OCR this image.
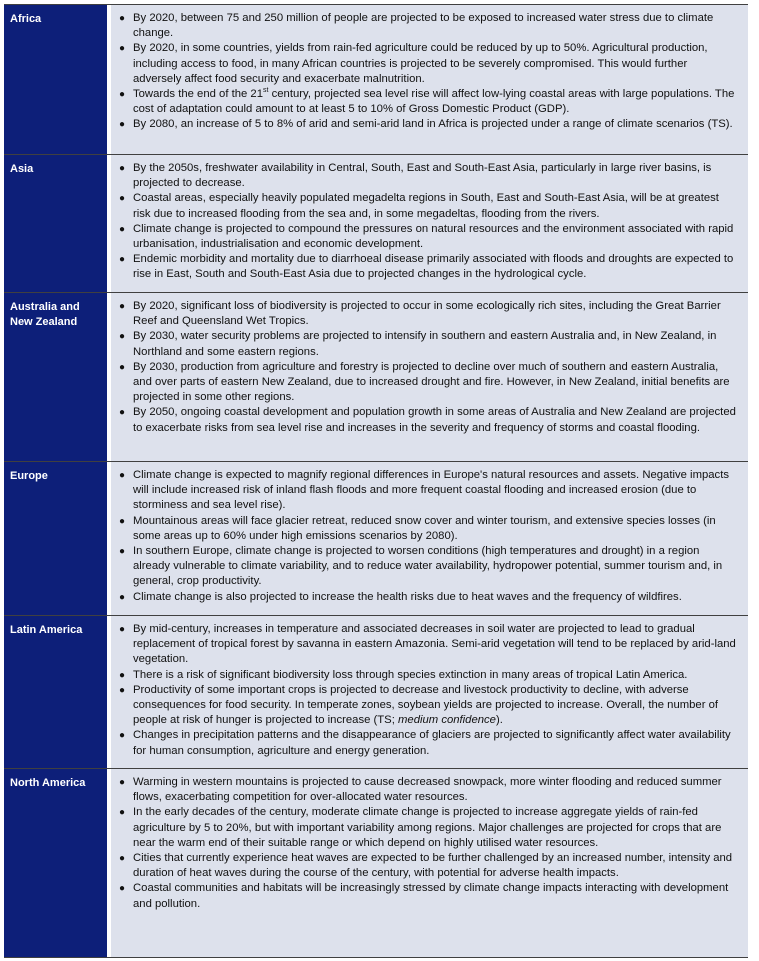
Africa	● By 2020, between 75 and 250 million of people are projected to be exposed to increased water stress due to climate change.
● By 2020, in some countries, yields from rain-fed agriculture could be reduced by up to 50%. Agricultural production, including access to food, in many African countries is projected to be severely compromised. This would further adversely affect food security and exacerbate malnutrition.
● Towards the end of the 21st century, projected sea level rise will affect low-lying coastal areas with large populations. The cost of adaptation could amount to at least 5 to 10% of Gross Domestic Product (GDP).
● By 2080, an increase of 5 to 8% of arid and semi-arid land in Africa is projected under a range of climate scenarios (TS).
Asia	● By the 2050s, freshwater availability in Central, South, East and South-East Asia, particularly in large river basins, is projected to decrease.
● Coastal areas, especially heavily populated megadelta regions in South, East and South-East Asia, will be at greatest risk due to increased flooding from the sea and, in some megadeltas, flooding from the rivers.
● Climate change is projected to compound the pressures on natural resources and the environment associated with rapid urbanisation, industrialisation and economic development.
● Endemic morbidity and mortality due to diarrhoeal disease primarily associated with floods and droughts are expected to rise in East, South and South-East Asia due to projected changes in the hydrological cycle.
Australia and New Zealand
● By 2020, significant loss of biodiversity is projected to occur in some ecologically rich sites, including the Great Barrier Reef and Queensland Wet Tropics.
● By 2030, water security problems are projected to intensify in southern and eastern Australia and, in New Zealand, in Northland and some eastern regions.
● By 2030, production from agriculture and forestry is projected to decline over much of southern and eastern Australia, and over parts of eastern New Zealand, due to increased drought and fire. However, in New Zealand, initial benefits are projected in some other regions.
● By 2050, ongoing coastal development and population growth in some areas of Australia and New Zealand are projected to exacerbate risks from sea level rise and increases in the severity and frequency of storms and coastal flooding.
Europe	● Climate change is expected to magnify regional differences in Europe's natural resources and assets. Negative impacts will include increased risk of inland flash floods and more frequent coastal flooding and increased erosion (due to storminess and sea level rise).
● Mountainous areas will face glacier retreat, reduced snow cover and winter tourism, and extensive species losses (in some areas up to 60% under high emissions scenarios by 2080).
● In southern Europe, climate change is projected to worsen conditions (high temperatures and drought) in a region already vulnerable to climate variability, and to reduce water availability, hydropower potential, summer tourism and, in general, crop productivity.
● Climate change is also projected to increase the health risks due to heat waves and the frequency of wildfires.
Latin America	● By mid-century, increases in temperature and associated decreases in soil water are projected to lead to gradual replacement of tropical forest by savanna in eastern Amazonia. Semi-arid vegetation will tend to be replaced by arid-land vegetation.
● There is a risk of significant biodiversity loss through species extinction in many areas of tropical Latin America.
● Productivity of some important crops is projected to decrease and livestock productivity to decline, with adverse consequences for food security. In temperate zones, soybean yields are projected to increase. Overall, the number of people at risk of hunger is projected to increase (TS; medium confidence).
● Changes in precipitation patterns and the disappearance of glaciers are projected to significantly affect water availability for human consumption, agriculture and energy generation.
North America	● Warming in western mountains is projected to cause decreased snowpack, more winter flooding and reduced summer flows, exacerbating competition for over-allocated water resources.
● In the early decades of the century, moderate climate change is projected to increase aggregate yields of rain-fed agriculture by 5 to 20%, but with important variability among regions. Major challenges are projected for crops that are near the warm end of their suitable range or which depend on highly utilised water resources.
● Cities that currently experience heat waves are expected to be further challenged by an increased number, intensity and duration of heat waves during the course of the century, with potential for adverse health impacts.
● Coastal communities and habitats will be increasingly stressed by climate change impacts interacting with development and pollution.
